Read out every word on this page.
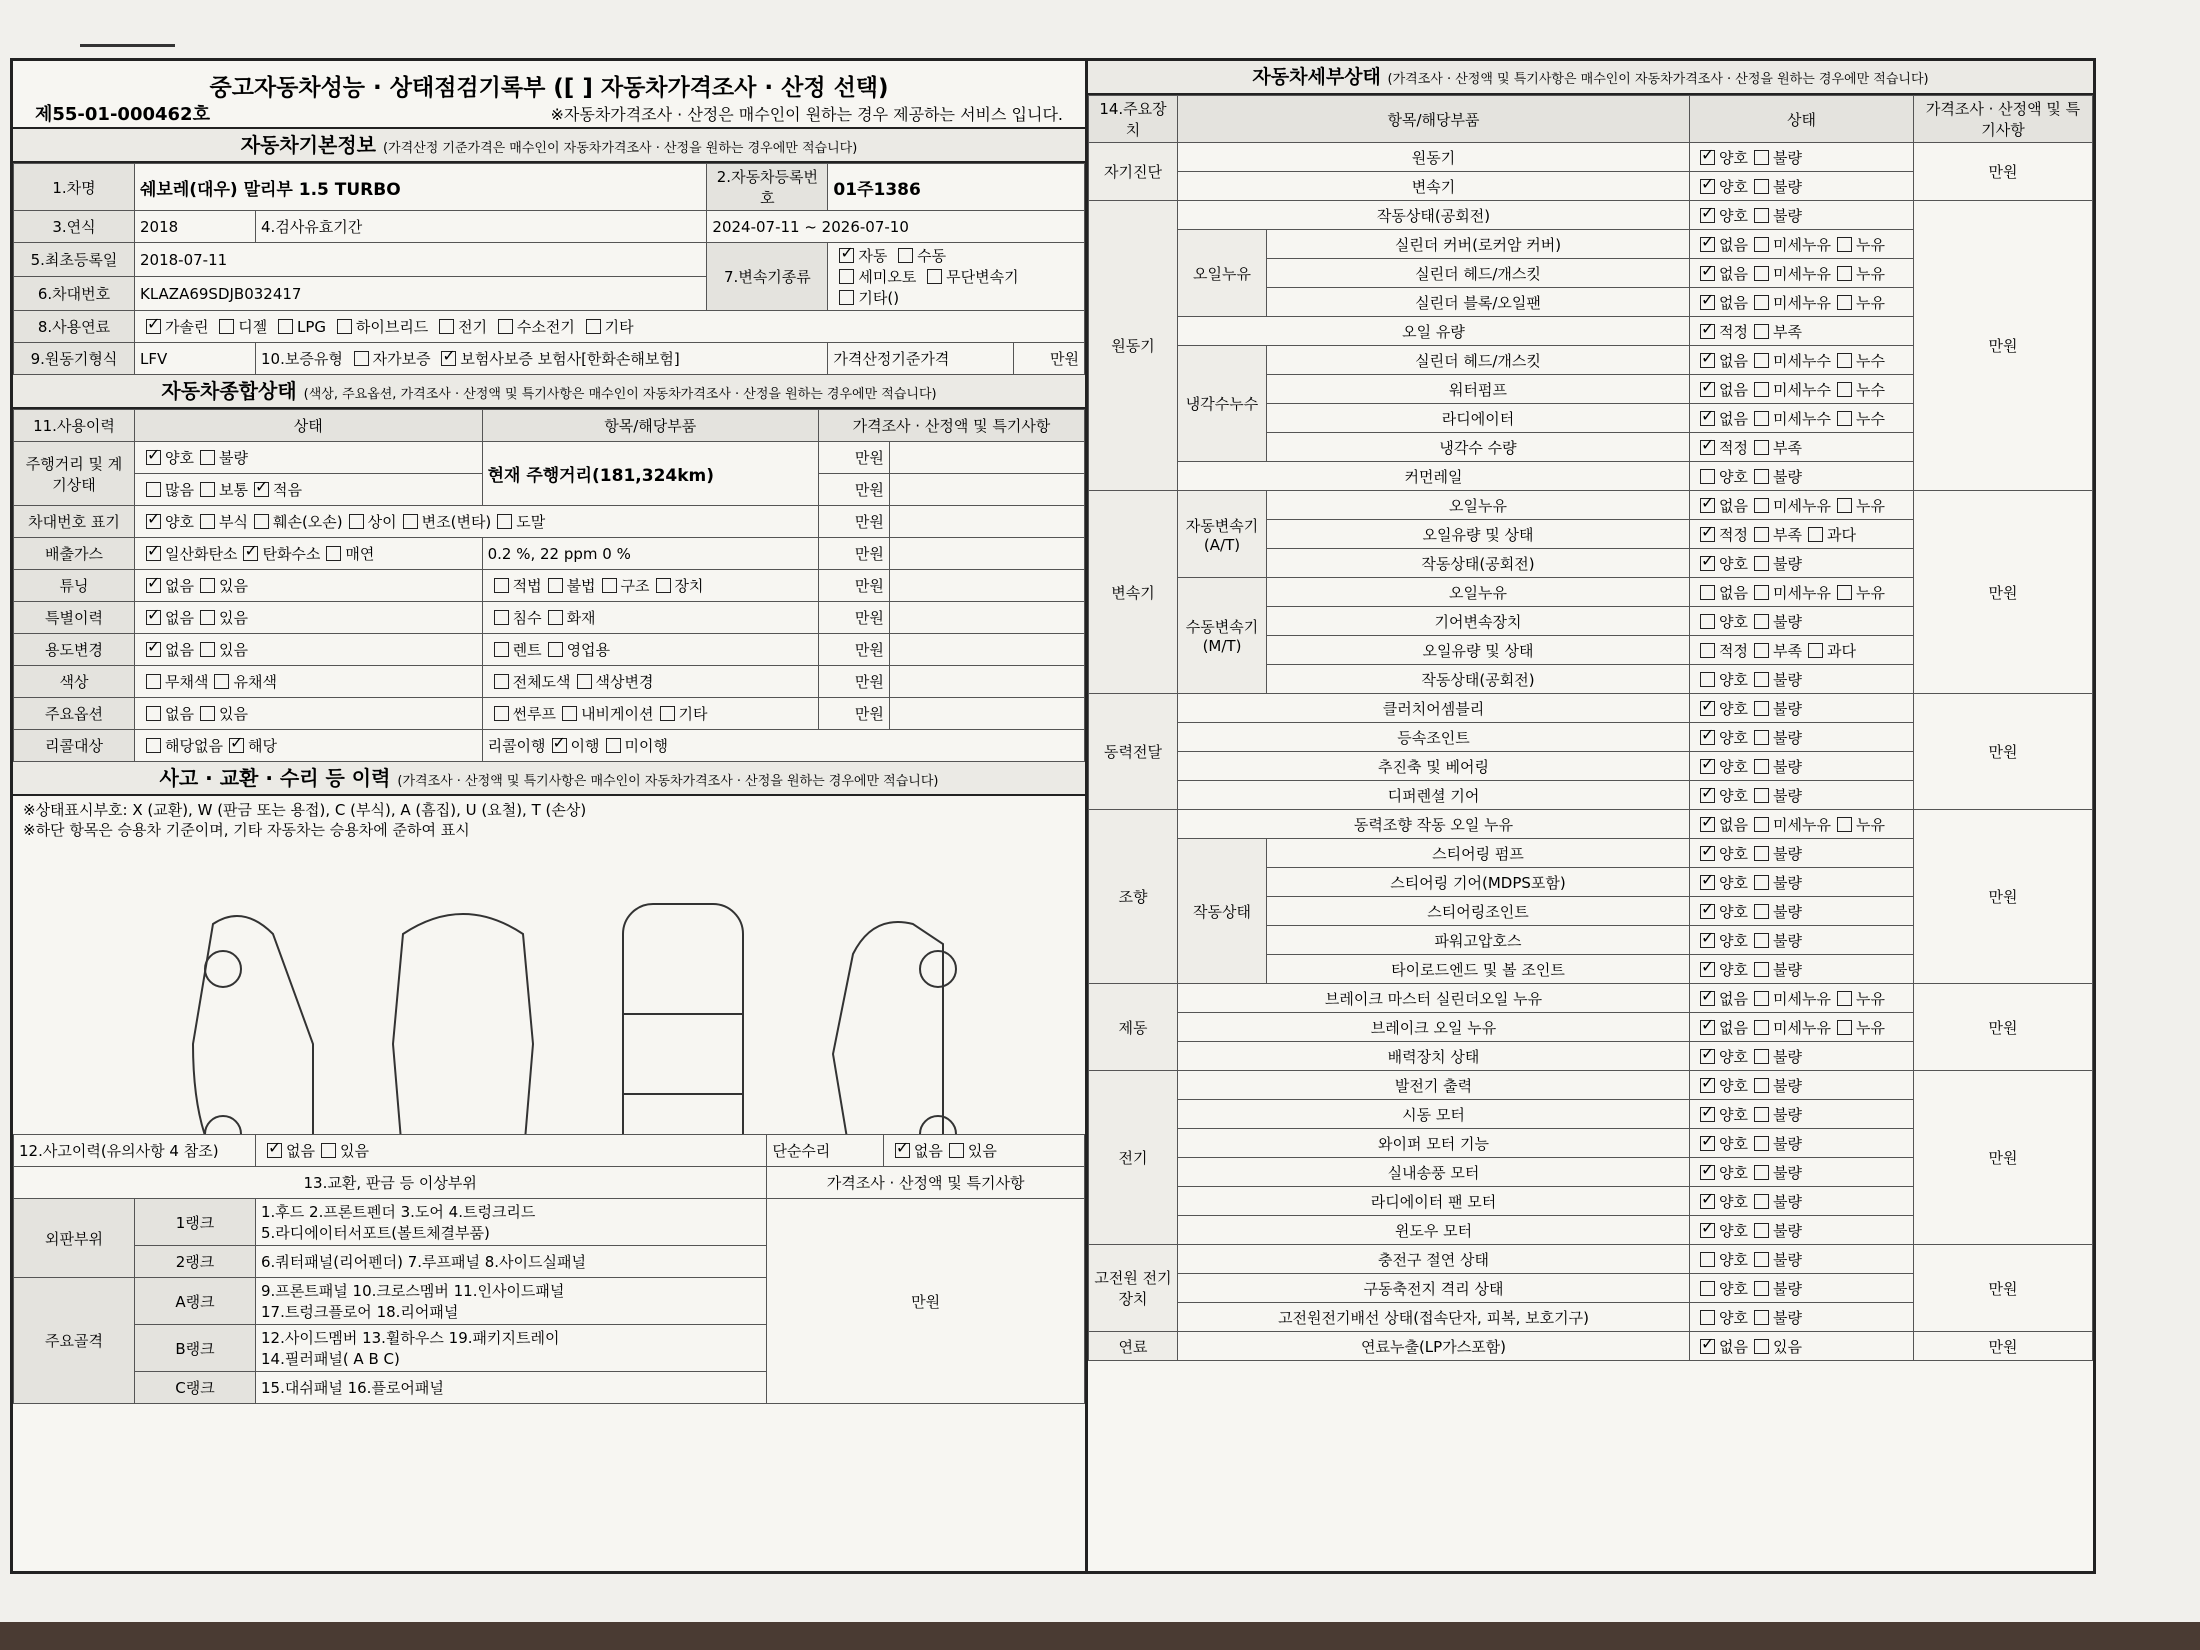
중고자동차성능 · 상태점검기록부 ([ ] 자동차가격조사 · 산정 선택)
제55-01-000462호	※자동차가격조사 · 산정은 매수인이 원하는 경우 제공하는 서비스 입니다.
자동차기본정보 (가격산정 기준가격은 매수인이 자동차가격조사 · 산정을 원하는 경우에만 적습니다)
1.차명	쉐보레(대우) 말리부 1.5 TURBO		2.자동차등록번호	01주1386	
3.연식	2018	4.검사유효기간	2024-07-11 ~ 2026-07-10		
5.최초등록일	2018-07-11		7.변속기종류	✓자동 수동
세미오토 무단변속기
기타()
6.차대번호	KLAZA69SDJB032417				
8.사용연료	✓가솔린 디젤 LPG 하이브리드 전기 수소전기 기타
9.원동기형식	LFV	10.보증유형 자가보증 ✓ 보험사보증 보험사[한화손해보험]		가격산정기준가격	만원
자동차종합상태 (색상, 주요옵션, 가격조사 · 산정액 및 특기사항은 매수인이 자동차가격조사 · 산정을 원하는 경우에만 적습니다)
11.사용이력	상태	항목/해당부품	가격조사 · 산정액 및 특기사항	
주행거리 및 계기상태	✓양호 불량	현재 주행거리(181,324km)	만원	
	많음 보통 ✓ 적음		만원	
차대번호 표기	✓양호 부식 훼손(오손) 상이 변조(변타) 도말		만원	
배출가스	✓일산화탄소 ✓ 탄화수소 매연	0.2 %, 22 ppm 0 %	만원	
튜닝	✓없음 있음	적법 불법 구조 장치	만원	
특별이력	✓없음 있음	침수 화재	만원	
용도변경	✓없음 있음	렌트 영업용	만원	
색상	무채색 유채색	전체도색 색상변경	만원	
주요옵션	없음 있음	썬루프 내비게이션 기타	만원	
리콜대상	해당없음 ✓ 해당	리콜이행 ✓ 이행 미이행
사고 · 교환 · 수리 등 이력 (가격조사 · 산정액 및 특기사항은 매수인이 자동차가격조사 · 산정을 원하는 경우에만 적습니다)
※상태표시부호: X (교환), W (판금 또는 용접), C (부식), A (흠집), U (요철), T (손상)
※하단 항목은 승용차 기준이며, 기타 자동차는 승용차에 준하여 표시
12.사고이력(유의사항 4 참조)	✓없음 있음	단순수리	✓없음 있음
13.교환, 판금 등 이상부위			가격조사 · 산정액 및 특기사항	
외판부위	1랭크	1.후드 2.프론트펜더 3.도어 4.트렁크리드
5.라디에이터서포트(볼트체결부품)	만원	
	2랭크	6.쿼터패널(리어펜더) 7.루프패널 8.사이드실패널		
주요골격	A랭크	9.프론트패널 10.크로스멤버 11.인사이드패널
17.트렁크플로어 18.리어패널		

	B랭크	12.사이드멤버 13.휠하우스 19.패키지트레이
14.필러패널( A B C)		

	C랭크	15.대쉬패널 16.플로어패널		
자동차세부상태 (가격조사 · 산정액 및 특기사항은 매수인이 자동차가격조사 · 산정을 원하는 경우에만 적습니다)
14.주요장치	항목/해당부품		상태	가격조사 · 산정액 및 특기사항
자기진단	원동기	✓양호 불량	만원
	변속기	✓양호 불량
원동기	작동상태(공회전)	✓양호 불량	만원
	오일누유	실린더 커버(로커암 커버)	✓없음 미세누유 누유
		실린더 헤드/개스킷	✓없음 미세누유 누유
		실린더 블록/오일팬	✓없음 미세누유 누유
	오일 유량	✓적정 부족
	냉각수누수	실린더 헤드/개스킷	✓없음 미세누수 누수
		워터펌프	✓없음 미세누수 누수
		라디에이터	✓없음 미세누수 누수
		냉각수 수량	✓적정 부족
	커먼레일		양호 불량	
변속기	자동변속기(A/T)	오일누유	✓없음 미세누유 누유	만원
		오일유량 및 상태	✓적정 부족 과다
		작동상태(공회전)	✓양호 불량
	수동변속기(M/T)	오일누유	없음 미세누유 누유	
		기어변속장치	양호 불량	
		오일유량 및 상태	적정 부족 과다	
		작동상태(공회전)	양호 불량	
동력전달	클러치어셈블리	✓양호 불량	만원
	등속조인트	✓양호 불량
	추진축 및 베어링	✓양호 불량
	디퍼렌셜 기어	✓양호 불량
조향	동력조향 작동 오일 누유	✓없음 미세누유 누유	만원
	작동상태	스티어링 펌프	✓양호 불량
		스티어링 기어(MDPS포함)	✓양호 불량
		스티어링조인트	✓양호 불량
		파워고압호스	✓양호 불량
		타이로드엔드 및 볼 조인트	✓양호 불량
제동	브레이크 마스터 실린더오일 누유	✓없음 미세누유 누유	만원
	브레이크 오일 누유	✓없음 미세누유 누유
	배력장치 상태	✓양호 불량
전기	발전기 출력	✓양호 불량	만원
	시동 모터	✓양호 불량
	와이퍼 모터 기능	✓양호 불량
	실내송풍 모터	✓양호 불량
	라디에이터 팬 모터	✓양호 불량
	윈도우 모터	✓양호 불량
고전원 전기장치	충전구 절연 상태		양호 불량	만원
	구동축전지 격리 상태		양호 불량	
	고전원전기배선 상태(접속단자, 피복, 보호기구)		양호 불량	
연료	연료누출(LP가스포함)	✓없음 있음	만원
